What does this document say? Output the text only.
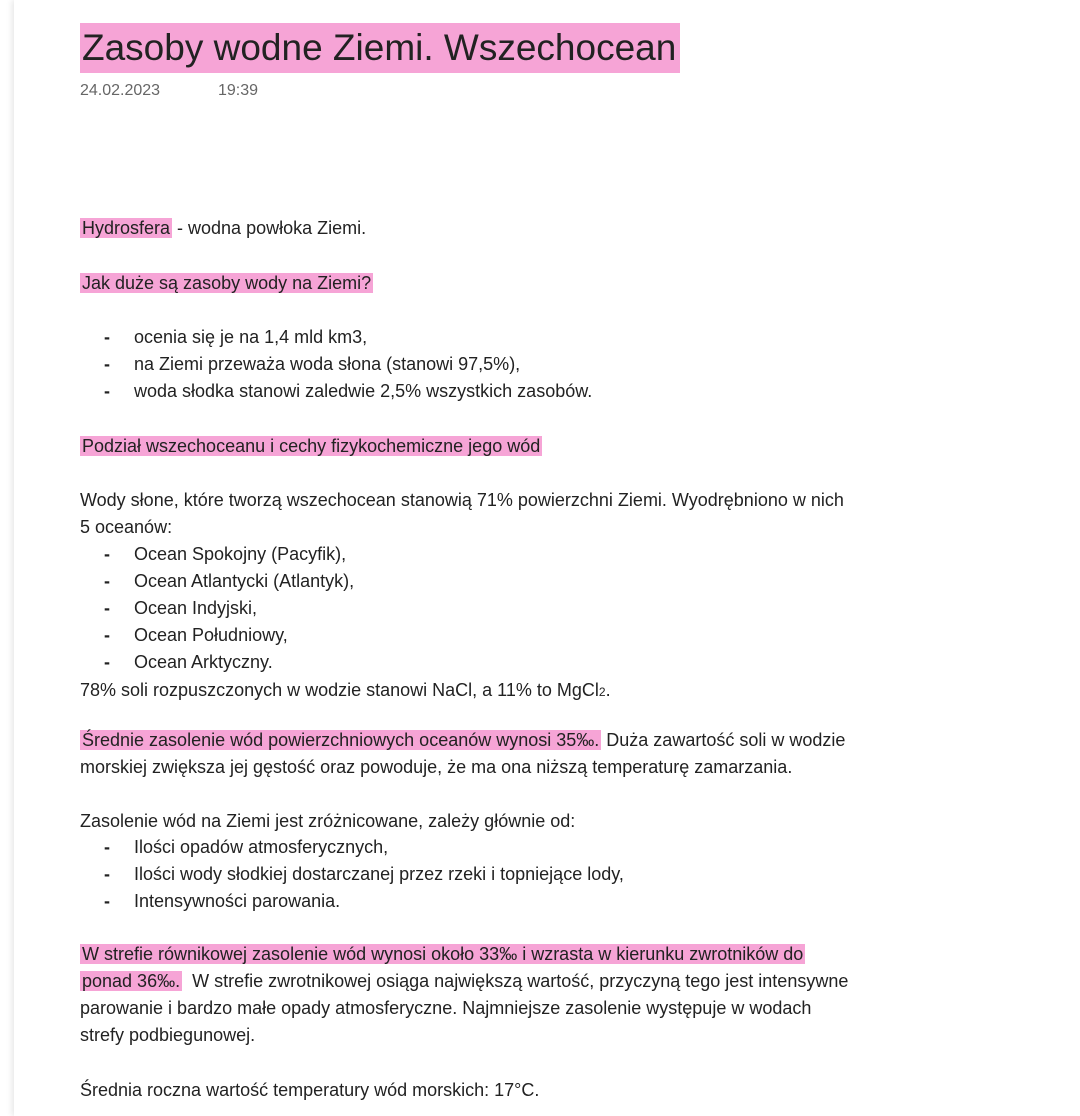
Zasoby wodne Ziemi. Wszechocean
24.02.2023	19:39
Hydrosfera - wodna powłoka Ziemi.
Jak duże są zasoby wody na Ziemi?
- ocenia się je na 1,4 mld km3,
- na Ziemi przeważa woda słona (stanowi 97,5%),
- woda słodka stanowi zaledwie 2,5% wszystkich zasobów.
Podział wszechoceanu i cechy fizykochemiczne jego wód
Wody słone, które tworzą wszechocean stanowią 71% powierzchni Ziemi. Wyodrębniono w nich
5 oceanów:
- Ocean Spokojny (Pacyfik),
- Ocean Atlantycki (Atlantyk),
- Ocean Indyjski,
- Ocean Południowy,
- Ocean Arktyczny.
78% soli rozpuszczonych w wodzie stanowi NaCl, a 11% to MgCl2.
Średnie zasolenie wód powierzchniowych oceanów wynosi 35‰. Duża zawartość soli w wodzie
morskiej zwiększa jej gęstość oraz powoduje, że ma ona niższą temperaturę zamarzania.
Zasolenie wód na Ziemi jest zróżnicowane, zależy głównie od:
- Ilości opadów atmosferycznych,
- Ilości wody słodkiej dostarczanej przez rzeki i topniejące lody,
- Intensywności parowania.
W strefie równikowej zasolenie wód wynosi około 33‰ i wzrasta w kierunku zwrotników do
ponad 36‰.  W strefie zwrotnikowej osiąga największą wartość, przyczyną tego jest intensywne
parowanie i bardzo małe opady atmosferyczne. Najmniejsze zasolenie występuje w wodach
strefy podbiegunowej.
Średnia roczna wartość temperatury wód morskich: 17°C.
